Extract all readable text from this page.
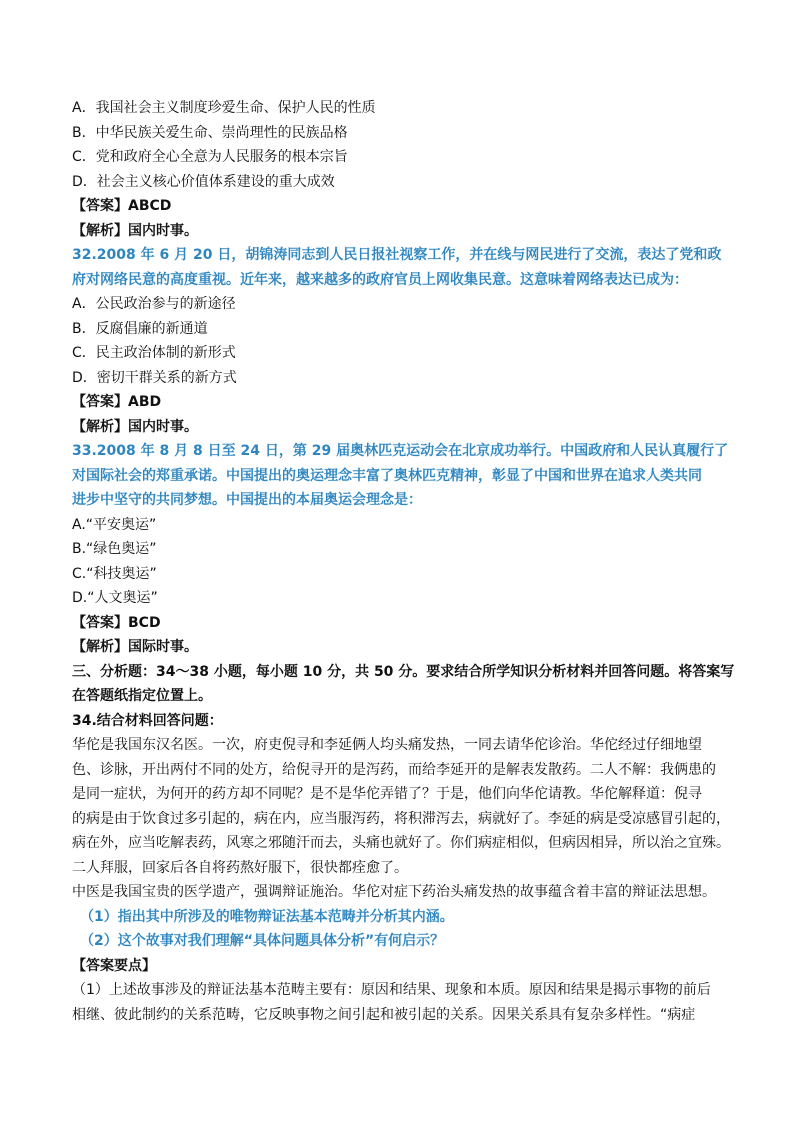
A．我国社会主义制度珍爱生命、保护人民的性质
B．中华民族关爱生命、崇尚理性的民族品格
C．党和政府全心全意为人民服务的根本宗旨
D．社会主义核心价值体系建设的重大成效
【答案】ABCD
【解析】国内时事。
32.2008 年 6 月 20 日，胡锦涛同志到人民日报社视察工作，并在线与网民进行了交流，表达了党和政
府对网络民意的高度重视。近年来，越来越多的政府官员上网收集民意。这意味着网络表达已成为：
A．公民政治参与的新途径
B．反腐倡廉的新通道
C．民主政治体制的新形式
D．密切干群关系的新方式
【答案】ABD
【解析】国内时事。
33.2008 年 8 月 8 日至 24 日，第 29 届奥林匹克运动会在北京成功举行。中国政府和人民认真履行了
对国际社会的郑重承诺。中国提出的奥运理念丰富了奥林匹克精神，彰显了中国和世界在追求人类共同
进步中坚守的共同梦想。中国提出的本届奥运会理念是：
A.“平安奥运”
B.“绿色奥运”
C.“科技奥运”
D.“人文奥运”
【答案】BCD
【解析】国际时事。
三、分析题：34～38 小题，每小题 10 分，共 50 分。要求结合所学知识分析材料并回答问题。将答案写
在答题纸指定位置上。
34.结合材料回答问题：
华佗是我国东汉名医。一次，府吏倪寻和李延俩人均头痛发热，一同去请华佗诊治。华佗经过仔细地望
色、诊脉，开出两付不同的处方，给倪寻开的是泻药，而给李延开的是解表发散药。二人不解：我俩患的
是同一症状，为何开的药方却不同呢？是不是华佗弄错了？于是，他们向华佗请教。华佗解释道：倪寻
的病是由于饮食过多引起的，病在内，应当服泻药，将积滞泻去，病就好了。李延的病是受凉感冒引起的，
病在外，应当吃解表药，风寒之邪随汗而去，头痛也就好了。你们病症相似，但病因相异，所以治之宜殊。
二人拜服，回家后各自将药熬好服下，很快都痊愈了。
中医是我国宝贵的医学遗产，强调辩证施治。华佗对症下药治头痛发热的故事蕴含着丰富的辩证法思想。
（1）指出其中所涉及的唯物辩证法基本范畴并分析其内涵。
（2）这个故事对我们理解“具体问题具体分析”有何启示？
【答案要点】
（1）上述故事涉及的辩证法基本范畴主要有：原因和结果、现象和本质。原因和结果是揭示事物的前后
相继、彼此制约的关系范畴，它反映事物之间引起和被引起的关系。因果关系具有复杂多样性。“病症
